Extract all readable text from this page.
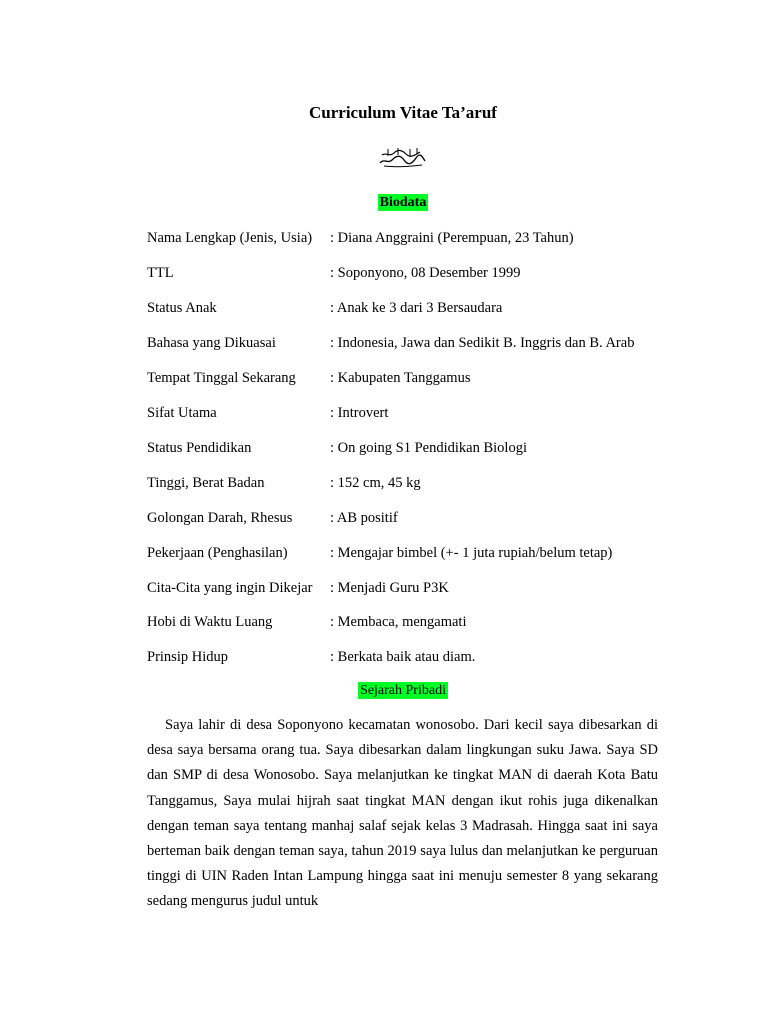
Curriculum Vitae Ta’aruf
Biodata
Nama Lengkap (Jenis, Usia) : Diana Anggraini (Perempuan, 23 Tahun)
TTL	: Soponyono, 08 Desember 1999
Status Anak	: Anak ke 3 dari 3 Bersaudara
Bahasa yang Dikuasai	: Indonesia, Jawa dan Sedikit B. Inggris dan B. Arab
Tempat Tinggal Sekarang : Kabupaten Tanggamus
Sifat Utama	: Introvert
Status Pendidikan	: On going S1 Pendidikan Biologi
Tinggi, Berat Badan	: 152 cm, 45 kg
Golongan Darah, Rhesus	: AB positif
Pekerjaan (Penghasilan)	: Mengajar bimbel (+- 1 juta rupiah/belum tetap)
Cita-Cita yang ingin Dikejar : Menjadi Guru P3K
Hobi di Waktu Luang	: Membaca, mengamati
Prinsip Hidup	: Berkata baik atau diam.
Sejarah Pribadi

Saya lahir di desa Soponyono kecamatan wonosobo. Dari kecil saya dibesarkan di desa saya bersama orang tua. Saya dibesarkan dalam lingkungan suku Jawa. Saya SD dan SMP di desa Wonosobo. Saya melanjutkan ke tingkat MAN di daerah Kota Batu Tanggamus, Saya mulai hijrah saat tingkat MAN dengan ikut rohis juga dikenalkan dengan teman saya tentang manhaj salaf sejak kelas 3 Madrasah. Hingga saat ini saya berteman baik dengan teman saya, tahun 2019 saya lulus dan melanjutkan ke perguruan tinggi di UIN Raden Intan Lampung hingga saat ini menuju semester 8 yang sekarang sedang mengurus judul untuk
